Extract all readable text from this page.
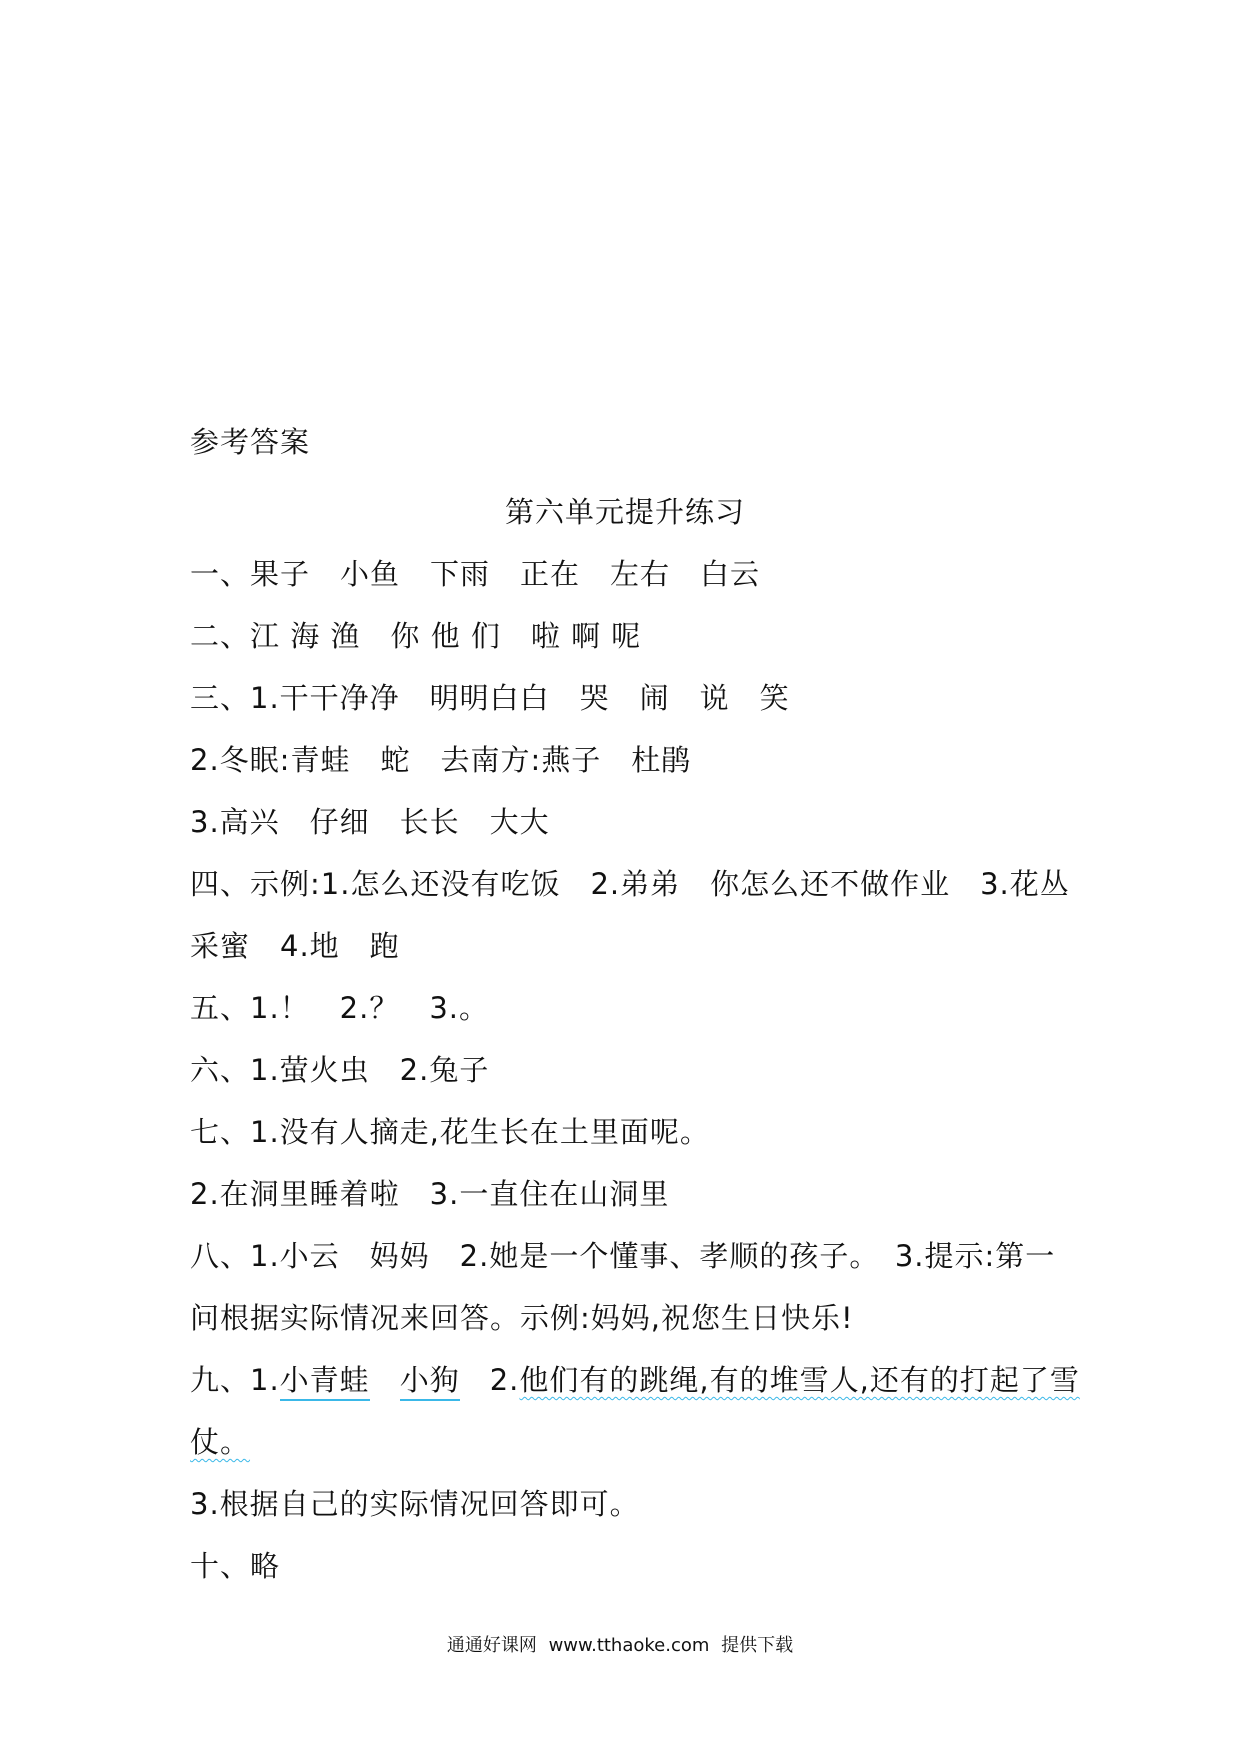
参考答案
第六单元提升练习
一、果子　小鱼　下雨　正在　左右　白云
二、江 海 渔　你 他 们　啦 啊 呢
三、1.干干净净　明明白白　哭　闹　说　笑
2.冬眠:青蛙　蛇　去南方:燕子　杜鹃
3.高兴　仔细　长长　大大
四、示例:1.怎么还没有吃饭　2.弟弟　你怎么还不做作业　3.花丛
采蜜　4.地　跑
五、1.！　2.？　3.。
六、1.萤火虫　2.兔子
七、1.没有人摘走,花生长在土里面呢。
2.在洞里睡着啦　3.一直住在山洞里
八、1.小云　妈妈　2.她是一个懂事、孝顺的孩子。　3.提示:第一
问根据实际情况来回答。示例:妈妈,祝您生日快乐!
九、1.小青蛙　 小狗　 2.他们有的跳绳,有的堆雪人,还有的打起了雪
仗。
3.根据自己的实际情况回答即可。
十、略
通通好课网 www.tthaoke.com 提供下载
